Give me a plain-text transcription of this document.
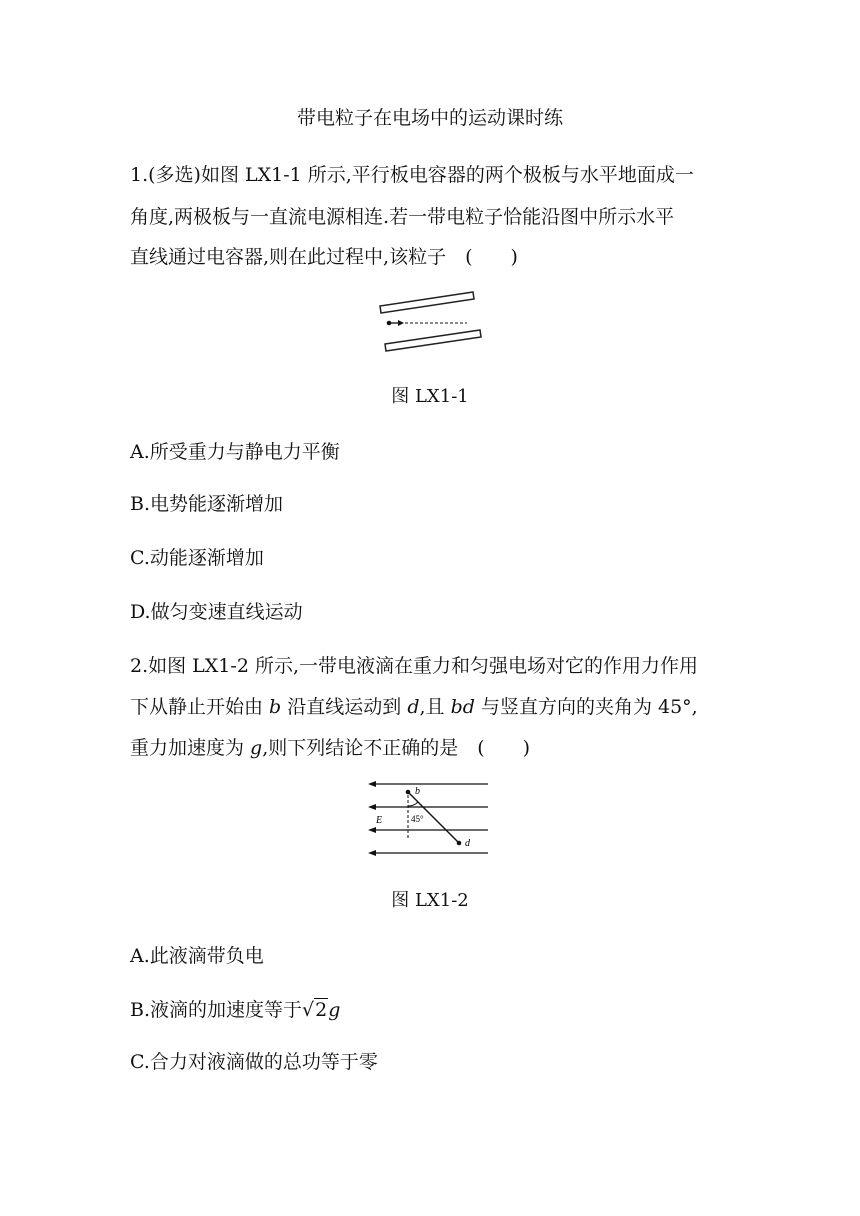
带电粒子在电场中的运动课时练
1.(多选)如图 LX1-1 所示,平行板电容器的两个极板与水平地面成一
角度,两极板与一直流电源相连.若一带电粒子恰能沿图中所示水平
直线通过电容器,则在此过程中,该粒子　(　　)
图 LX1-1
A.所受重力与静电力平衡
B.电势能逐渐增加
C.动能逐渐增加
D.做匀变速直线运动
2.如图 LX1-2 所示,一带电液滴在重力和匀强电场对它的作用力作用
下从静止开始由 b 沿直线运动到 d,且 bd 与竖直方向的夹角为 45°,
重力加速度为 g,则下列结论不正确的是　(　　)
b
d
E	45°
图 LX1-2
A.此液滴带负电
B.液滴的加速度等于√2g
C.合力对液滴做的总功等于零
